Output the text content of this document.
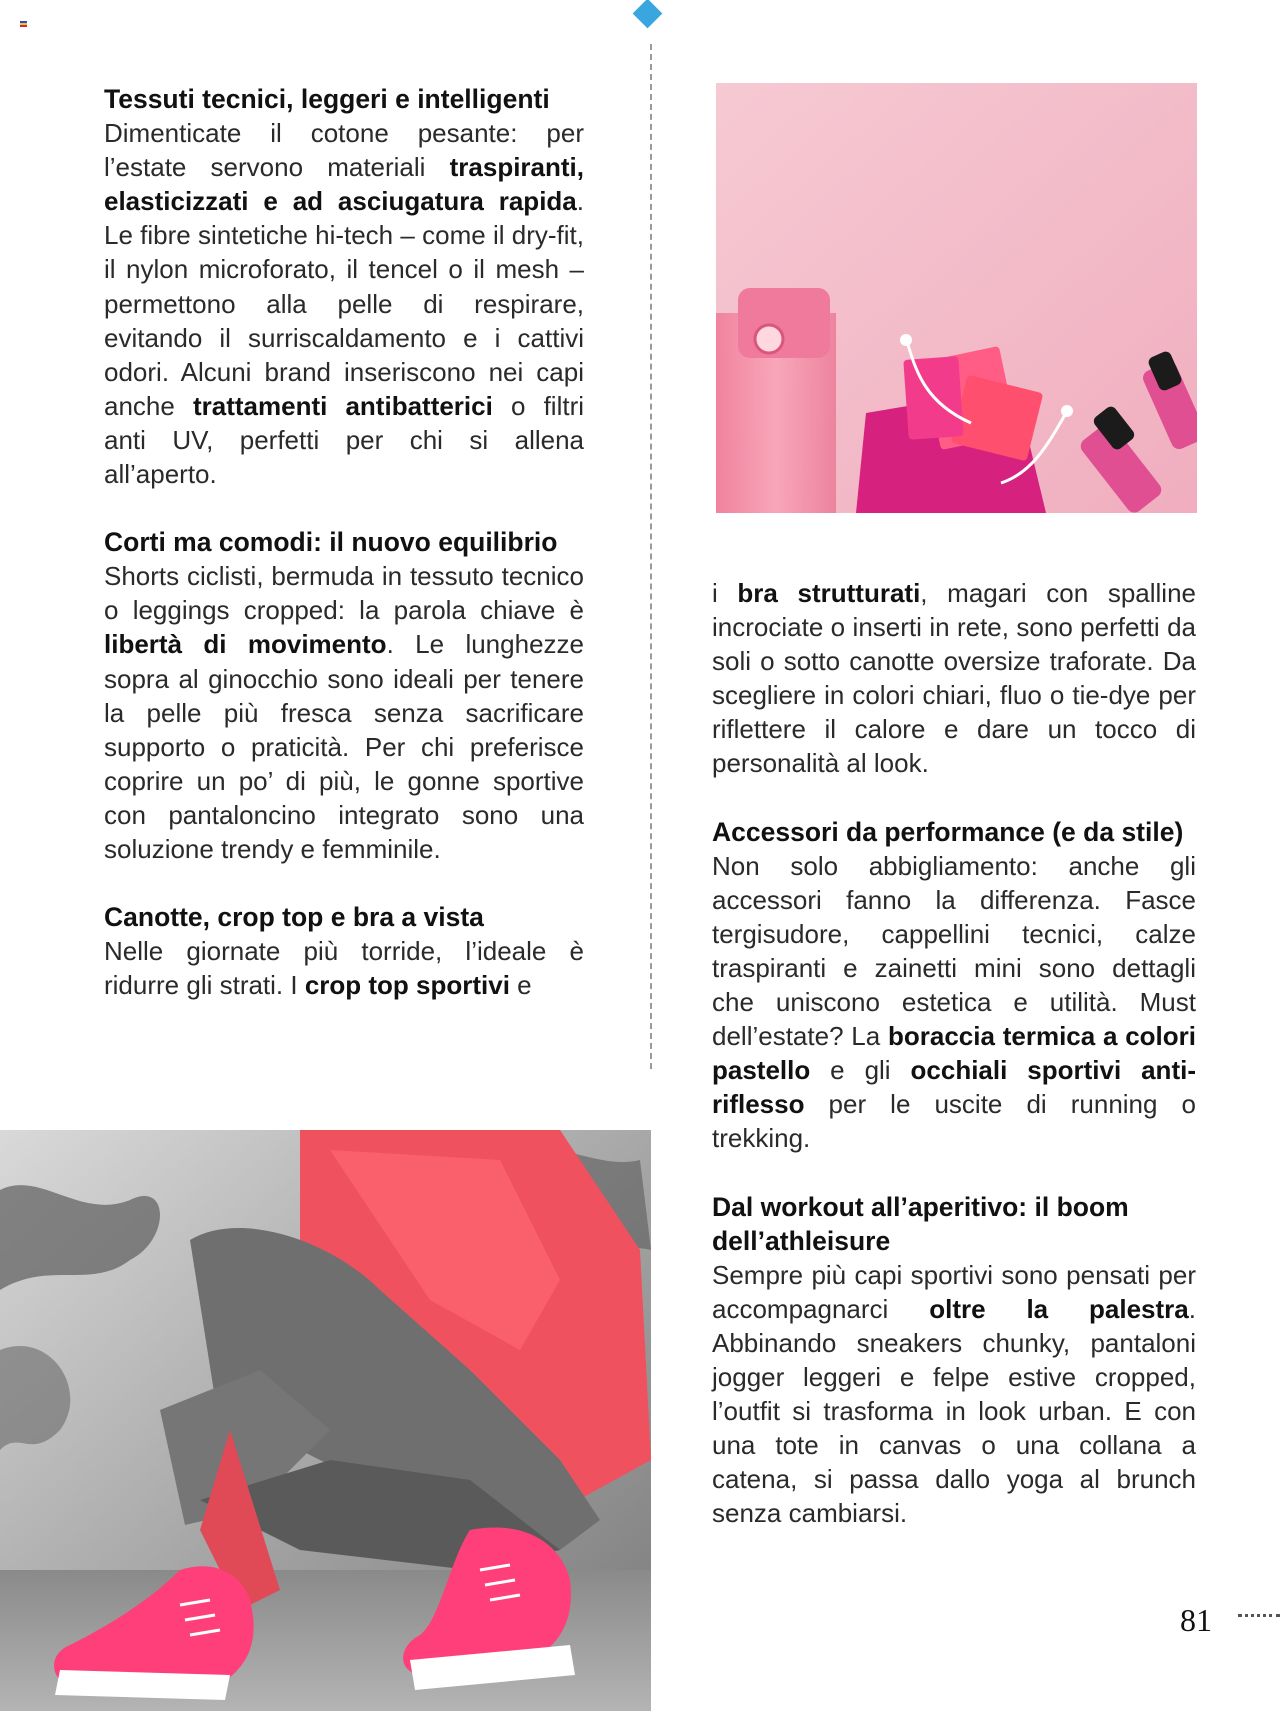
Tessuti tecnici, leggeri e intelligenti

Dimenticate il cotone pesante: per l’estate servono materiali traspiranti, elasticizzati e ad asciugatura rapida. Le fibre sintetiche hi-tech – come il dry-fit, il nylon microforato, il tencel o il mesh – permettono alla pelle di respirare, evitando il surriscaldamento e i cattivi odori. Alcuni brand inseriscono nei capi anche trattamenti antibatterici o filtri anti UV, perfetti per chi si allena all’aperto.

Corti ma comodi: il nuovo equilibrio

Shorts ciclisti, bermuda in tessuto tecnico o leggings cropped: la parola chiave è libertà di movimento. Le lunghezze sopra al ginocchio sono ideali per tenere la pelle più fresca senza sacrificare supporto o praticità. Per chi preferisce coprire un po’ di più, le gonne sportive con pantaloncino integrato sono una soluzione trendy e femminile.

Canotte, crop top e bra a vista

Nelle giornate più torride, l’ideale è ridurre gli strati. I crop top sportivi e

i bra strutturati, magari con spalline incrociate o inserti in rete, sono perfetti da soli o sotto canotte oversize traforate. Da scegliere in colori chiari, fluo o tie-dye per riflettere il calore e dare un tocco di personalità al look.

Accessori da performance (e da stile)

Non solo abbigliamento: anche gli accessori fanno la differenza. Fasce tergisudore, cappellini tecnici, calze traspiranti e zainetti mini sono dettagli che uniscono estetica e utilità. Must dell’estate? La boraccia termica a colori pastello e gli occhiali sportivi anti-riflesso per le uscite di running o trekking.

Dal workout all’aperitivo: il boom dell’athleisure

Sempre più capi sportivi sono pensati per accompagnarci oltre la palestra. Abbinando sneakers chunky, pantaloni jogger leggeri e felpe estive cropped, l’outfit si trasforma in look urban. E con una tote in canvas o una collana a catena, si passa dallo yoga al brunch senza cambiarsi.

81
